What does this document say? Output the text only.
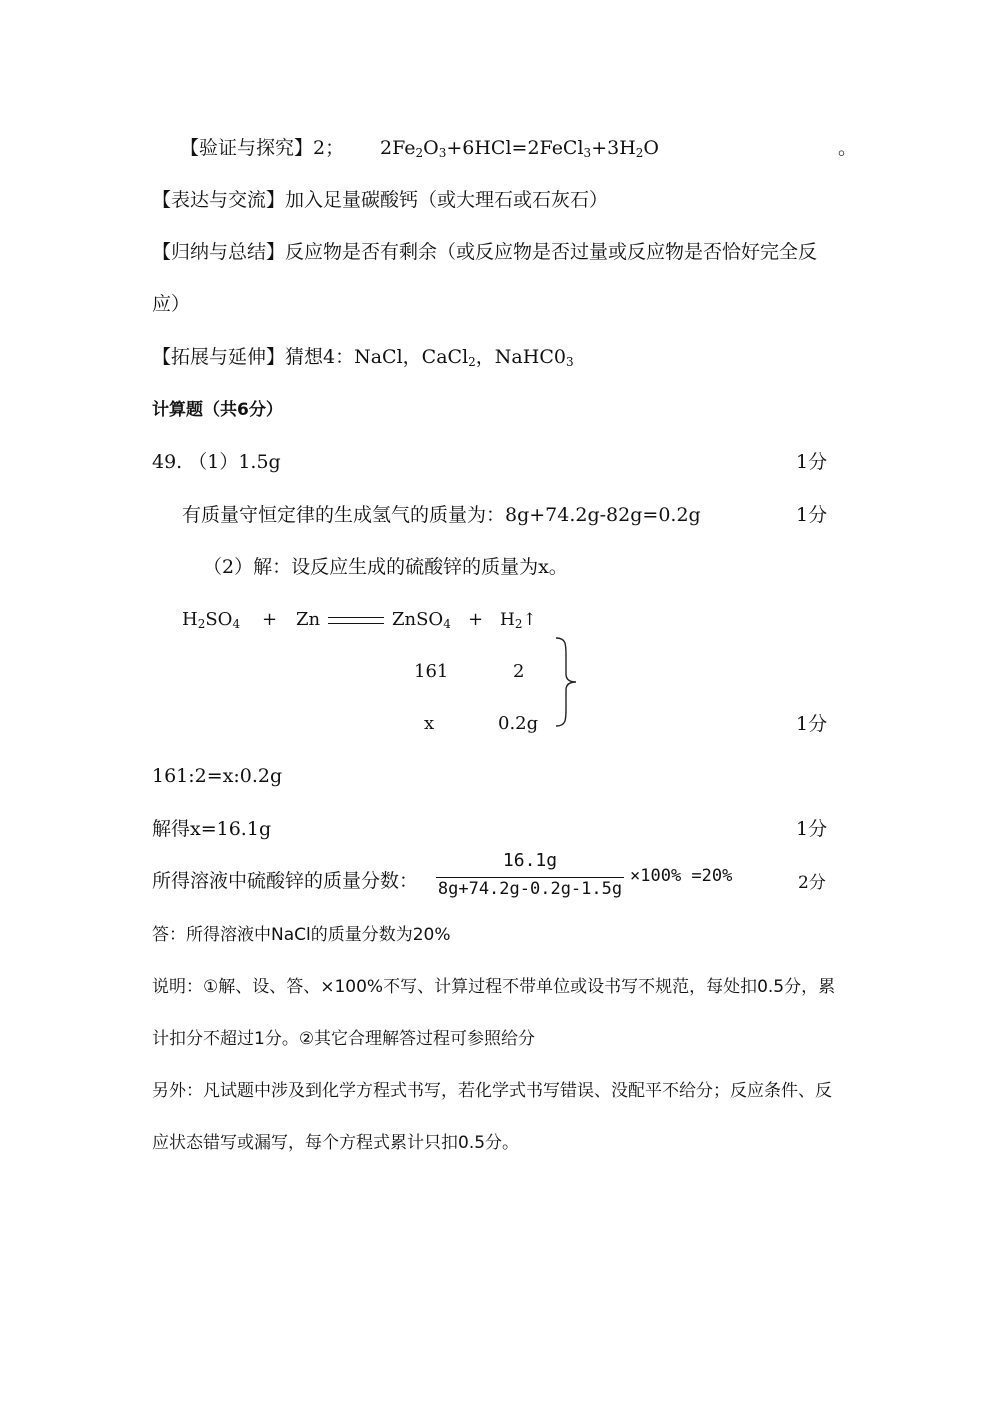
【验证与探究】2； $2Fe_2O_3+6HCl=2FeCl_3+3H_2O$	。
【表达与交流】加入足量碳酸钙（或大理石或石灰石）
【归纳与总结】反应物是否有剩余（或反应物是否过量或反应物是否恰好完全反
应）
【拓展与延伸】猜想4：NaCl，CaCl$_2$，$NaHC0_3$
计算题（共6分）
49. （1）1.5g	1分
有质量守恒定律的生成氢气的质量为：8g+74.2g-82g=0.2g	1分
（2）解：设反应生成的硫酸锌的质量为x。
$H_2SO_4 + Zn$	ZnSO$_4$ + $H_2↑$
161	2
x	0.2g	1分
161:2=x:0.2g
解得x=16.1g	1分
所得溶液中硫酸锌的质量分数：
16.1g
8g+74.2g-0.2g-1.5g
×100% =20%	2分
答：所得溶液中NaCl的质量分数为20%
说明：①解、设、答、×100%不写、计算过程不带单位或设书写不规范，每处扣0.5分，累
计扣分不超过1分。②其它合理解答过程可参照给分
另外：凡试题中涉及到化学方程式书写，若化学式书写错误、没配平不给分；反应条件、反
应状态错写或漏写，每个方程式累计只扣0.5分。
